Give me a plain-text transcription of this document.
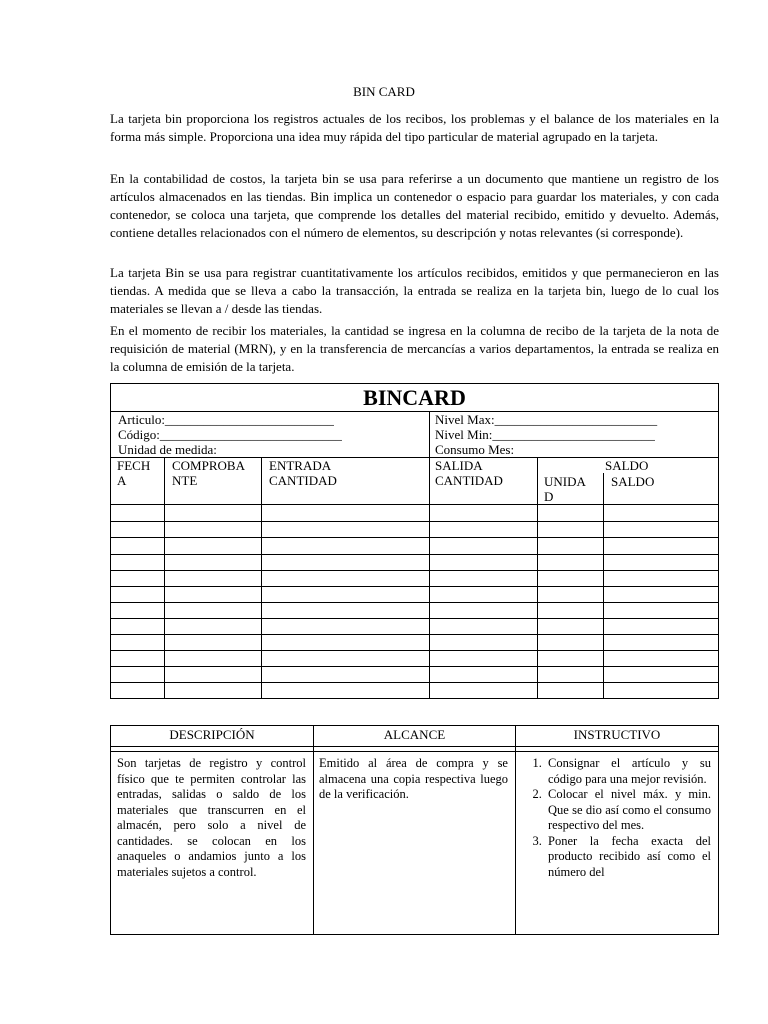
BIN CARD

La tarjeta bin proporciona los registros actuales de los recibos, los problemas y el balance de los materiales en la forma más simple. Proporciona una idea muy rápida del tipo particular de material agrupado en la tarjeta.

En la contabilidad de costos, la tarjeta bin se usa para referirse a un documento que mantiene un registro de los artículos almacenados en las tiendas. Bin implica un contenedor o espacio para guardar los materiales, y con cada contenedor, se coloca una tarjeta, que comprende los detalles del material recibido, emitido y devuelto. Además, contiene detalles relacionados con el número de elementos, su descripción y notas relevantes (si corresponde).

La tarjeta Bin se usa para registrar cuantitativamente los artículos recibidos, emitidos y que permanecieron en las tiendas. A medida que se lleva a cabo la transacción, la entrada se realiza en la tarjeta bin, luego de lo cual los materiales se llevan a / desde las tiendas.

En el momento de recibir los materiales, la cantidad se ingresa en la columna de recibo de la tarjeta de la nota de requisición de material (MRN), y en la transferencia de mercancías a varios departamentos, la entrada se realiza en la columna de emisión de la tarjeta.

BINCARD
Articulo:__________________________
Código:____________________________
Unidad de medida:
Nivel Max:_________________________
Nivel Min:_________________________
Consumo Mes:
FECH
A
COMPROBA
NTE
ENTRADA
CANTIDAD
SALIDA
CANTIDAD
SALDO
UNIDA
D
SALDO
DESCRIPCIÓN	ALCANCE	INSTRUCTIVO
Son tarjetas de registro y control físico que te permiten controlar las entradas, salidas o saldo de los materiales que transcurren en el almacén, pero solo a nivel de cantidades. se colocan en los anaqueles o andamios junto a los materiales sujetos a control.
Emitido al área de compra y se almacena una copia respectiva luego de la verificación.
1. Consignar el artículo y su código para una mejor revisión.
2. Colocar el nivel máx. y min. Que se dio así como el consumo respectivo del mes.
3. Poner la fecha exacta del producto recibido así como el número del
